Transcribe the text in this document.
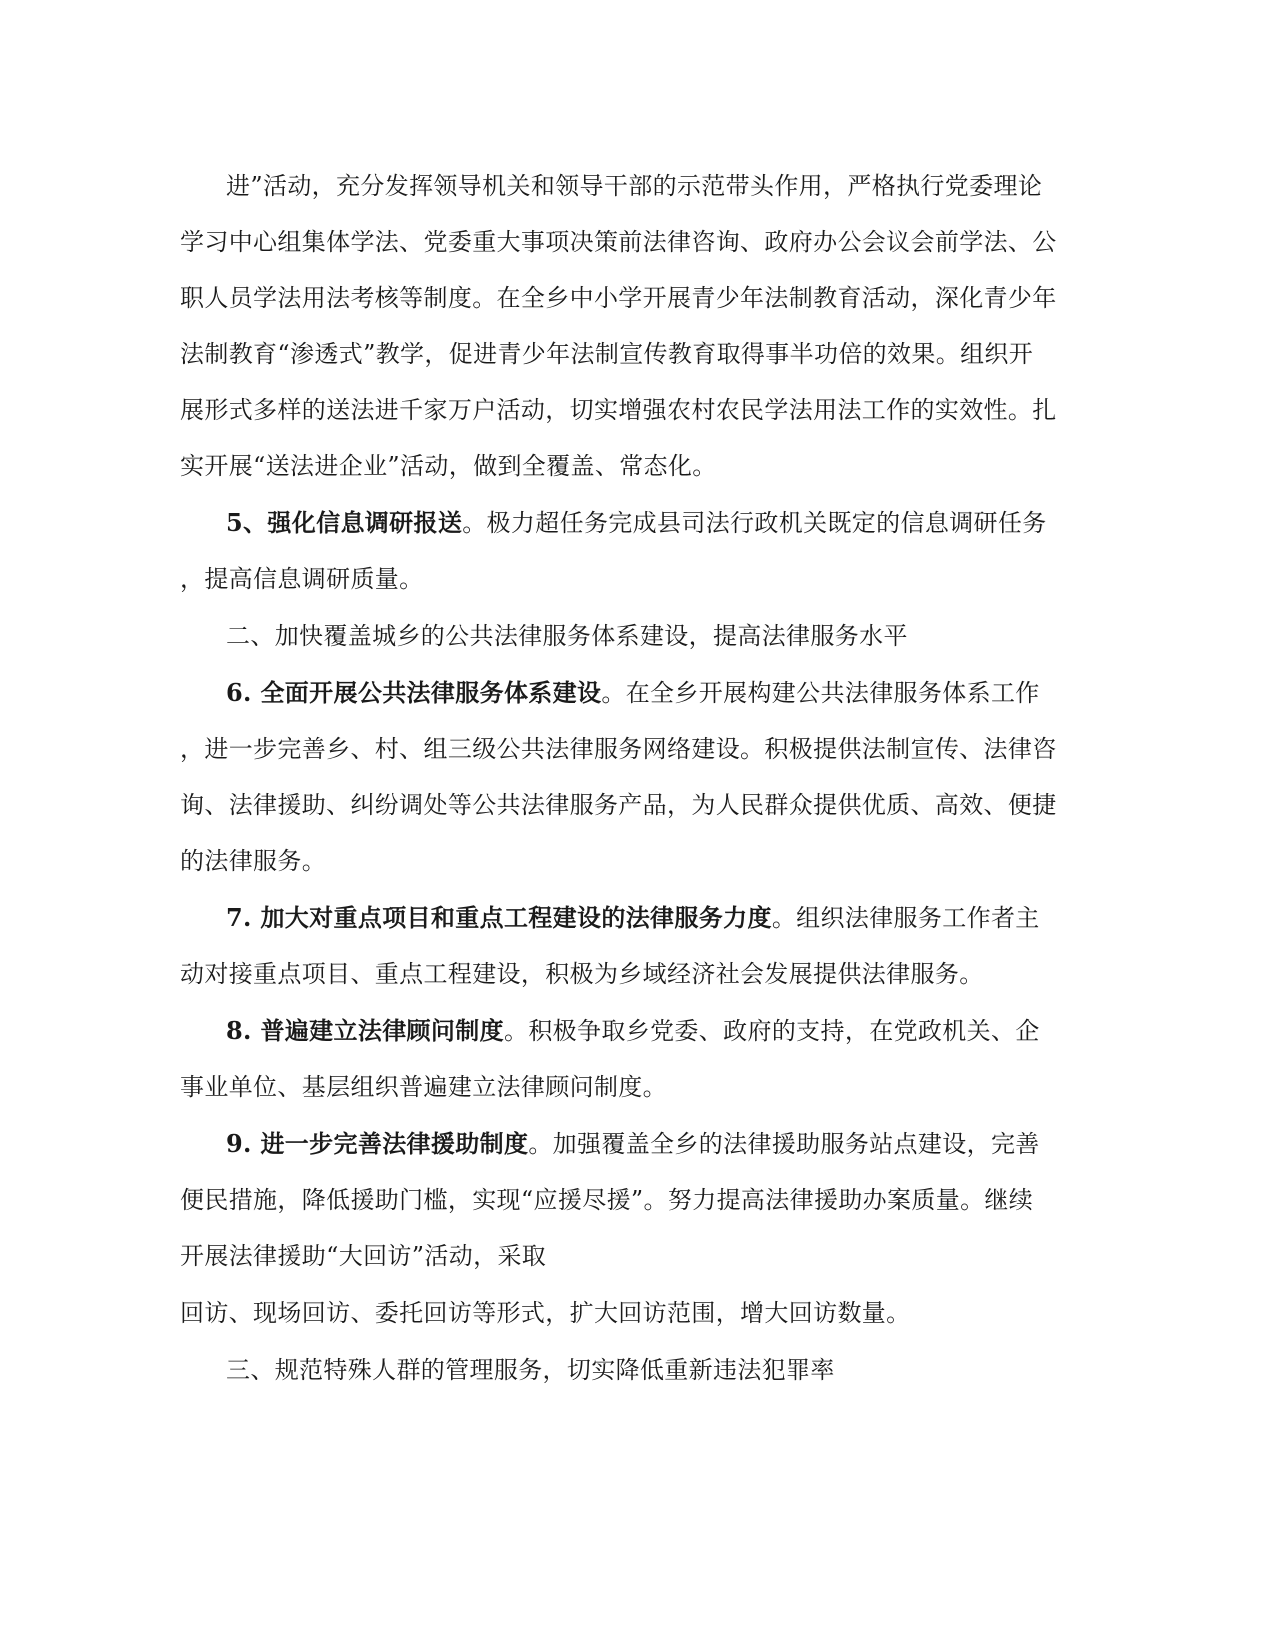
进”活动，充分发挥领导机关和领导干部的示范带头作用，严格执行党委理论
学习中心组集体学法、党委重大事项决策前法律咨询、政府办公会议会前学法、公
职人员学法用法考核等制度。在全乡中小学开展青少年法制教育活动，深化青少年
法制教育“渗透式”教学，促进青少年法制宣传教育取得事半功倍的效果。组织开
展形式多样的送法进千家万户活动，切实增强农村农民学法用法工作的实效性。扎
实开展“送法进企业”活动，做到全覆盖、常态化。
5、强化信息调研报送。极力超任务完成县司法行政机关既定的信息调研任务
，提高信息调研质量。
二、加快覆盖城乡的公共法律服务体系建设，提高法律服务水平
6. 全面开展公共法律服务体系建设。在全乡开展构建公共法律服务体系工作
，进一步完善乡、村、组三级公共法律服务网络建设。积极提供法制宣传、法律咨
询、法律援助、纠纷调处等公共法律服务产品，为人民群众提供优质、高效、便捷
的法律服务。
7. 加大对重点项目和重点工程建设的法律服务力度。组织法律服务工作者主
动对接重点项目、重点工程建设，积极为乡域经济社会发展提供法律服务。
8. 普遍建立法律顾问制度。积极争取乡党委、政府的支持，在党政机关、企
事业单位、基层组织普遍建立法律顾问制度。
9. 进一步完善法律援助制度。加强覆盖全乡的法律援助服务站点建设，完善
便民措施，降低援助门槛，实现“应援尽援”。努力提高法律援助办案质量。继续
开展法律援助“大回访”活动，采取
回访、现场回访、委托回访等形式，扩大回访范围，增大回访数量。
三、规范特殊人群的管理服务，切实降低重新违法犯罪率
